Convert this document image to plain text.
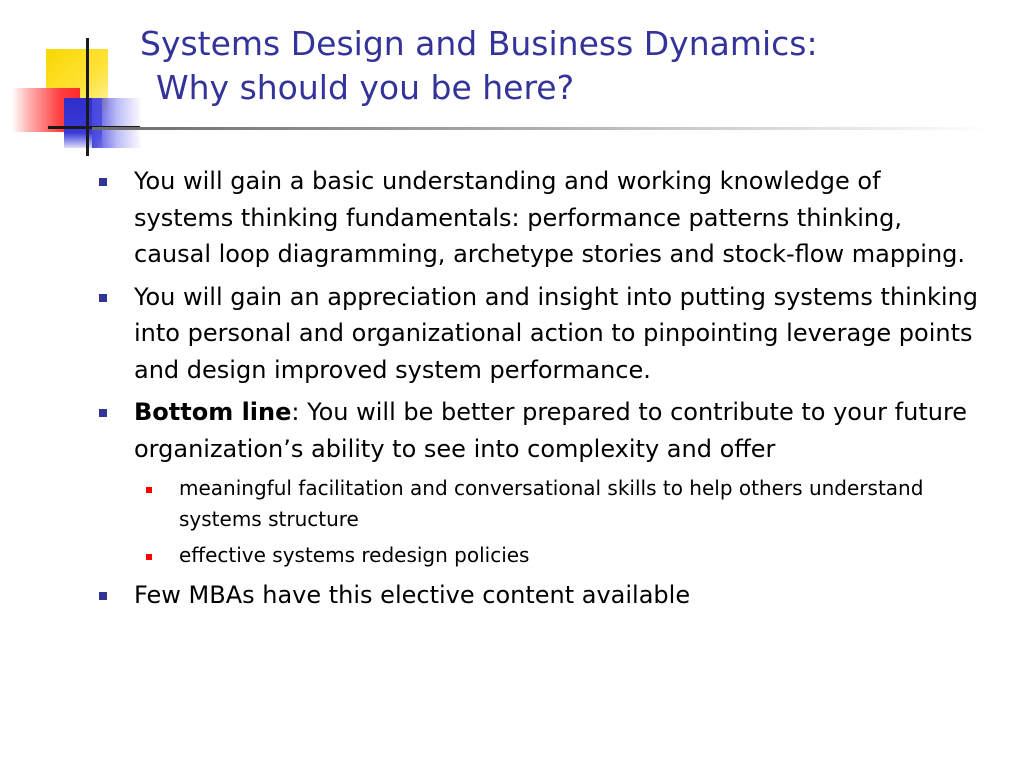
Systems Design and Business Dynamics:
Why should you be here?
You will gain a basic understanding and working knowledge of systems thinking fundamentals: performance patterns thinking, causal loop diagramming, archetype stories and stock-flow mapping.
You will gain an appreciation and insight into putting systems thinking into personal and organizational action to pinpointing leverage points and design improved system performance.
Bottom line: You will be better prepared to contribute to your future organization’s ability to see into complexity and offer
meaningful facilitation and conversational skills to help others understand systems structure
effective systems redesign policies
Few MBAs have this elective content available
